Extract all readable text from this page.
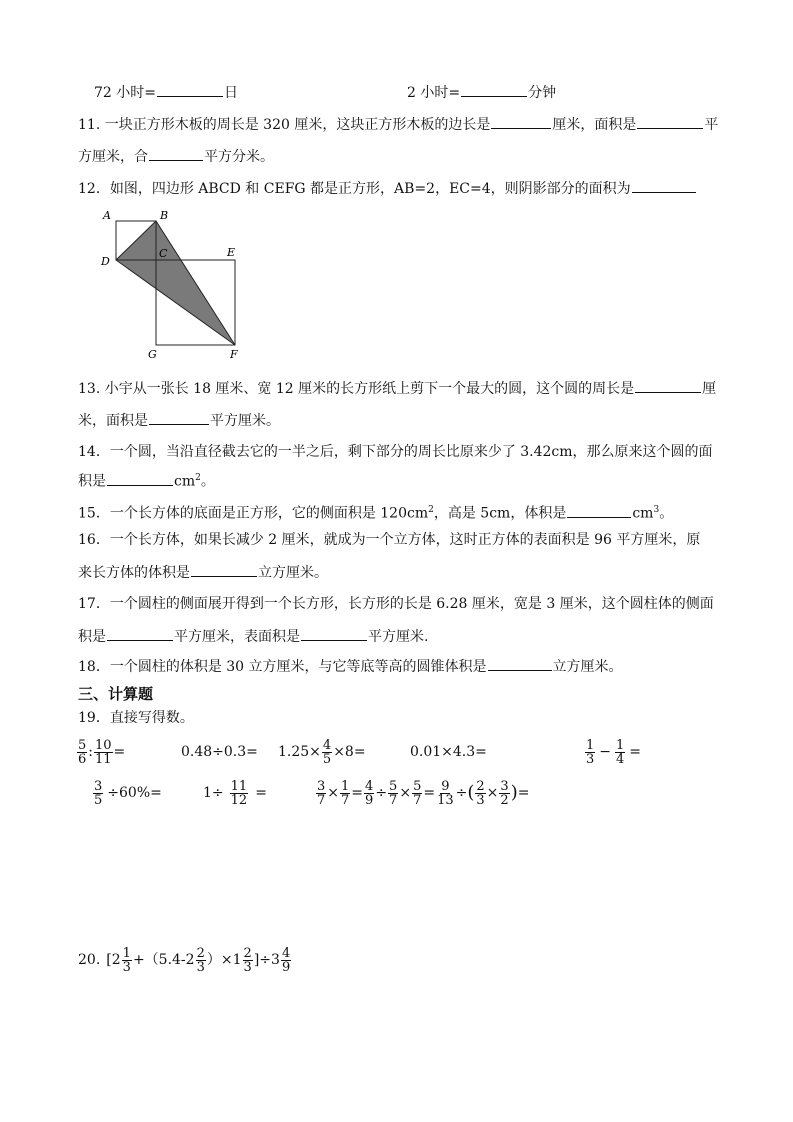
72 小时=	日	2 小时=	分钟
11. 一块正方形木板的周长是 320 厘米，这块正方形木板的边长是	厘米，面积是	平
方厘米，合	平方分米。
12．如图，四边形 ABCD 和 CEFG 都是正方形，AB=2，EC=4，则阴影部分的面积为
A	B
C
D
E
G	F
13. 小宇从一张长 18 厘米、宽 12 厘米的长方形纸上剪下一个最大的圆，这个圆的周长是	厘
米，面积是	平方厘米。
14．一个圆，当沿直径截去它的一半之后，剩下部分的周长比原来少了 3.42cm，那么原来这个圆的面
积是	$cm^2$。
15．一个长方体的底面是正方形，它的侧面积是 $120cm^2$，高是 5cm，体积是	$cm^3$。
16．一个长方体，如果长减少 2 厘米，就成为一个立方体，这时正方体的表面积是 96 平方厘米，原
来长方体的体积是	立方厘米。
17．一个圆柱的侧面展开得到一个长方形，长方形的长是 6.28 厘米，宽是 3 厘米，这个圆柱体的侧面
积是	平方厘米，表面积是	平方厘米.
18．一个圆柱的体积是 30 立方厘米，与它等底等高的圆锥体积是	立方厘米。
三、计算题
19．直接写得数。
$\frac{5}{6}$ : $\frac{10}{11}$ =	$0.48\div 0.3= 1.25\times \frac{4}{5} \times 8=$	0.01×4.3=	$\frac{1}{3} - \frac{1}{4}$ =
$\frac{3}{5} \div 60\%=$	$1\div \frac{11}{12}$ =	$\frac{3}{7} \times \frac{1}{7} = \frac{4}{9} \div \frac{5}{7} \times \frac{5}{7} = \frac{9}{13}$ ÷ ( $\frac{2}{3} \times \frac{3}{2}$ ) =
20. [ $2 \frac{1}{3} +(5.4-$ $2 \frac{2}{3}$ ）× $1 \frac{2}{3}$ ]÷ $3 \frac{4}{9}$
